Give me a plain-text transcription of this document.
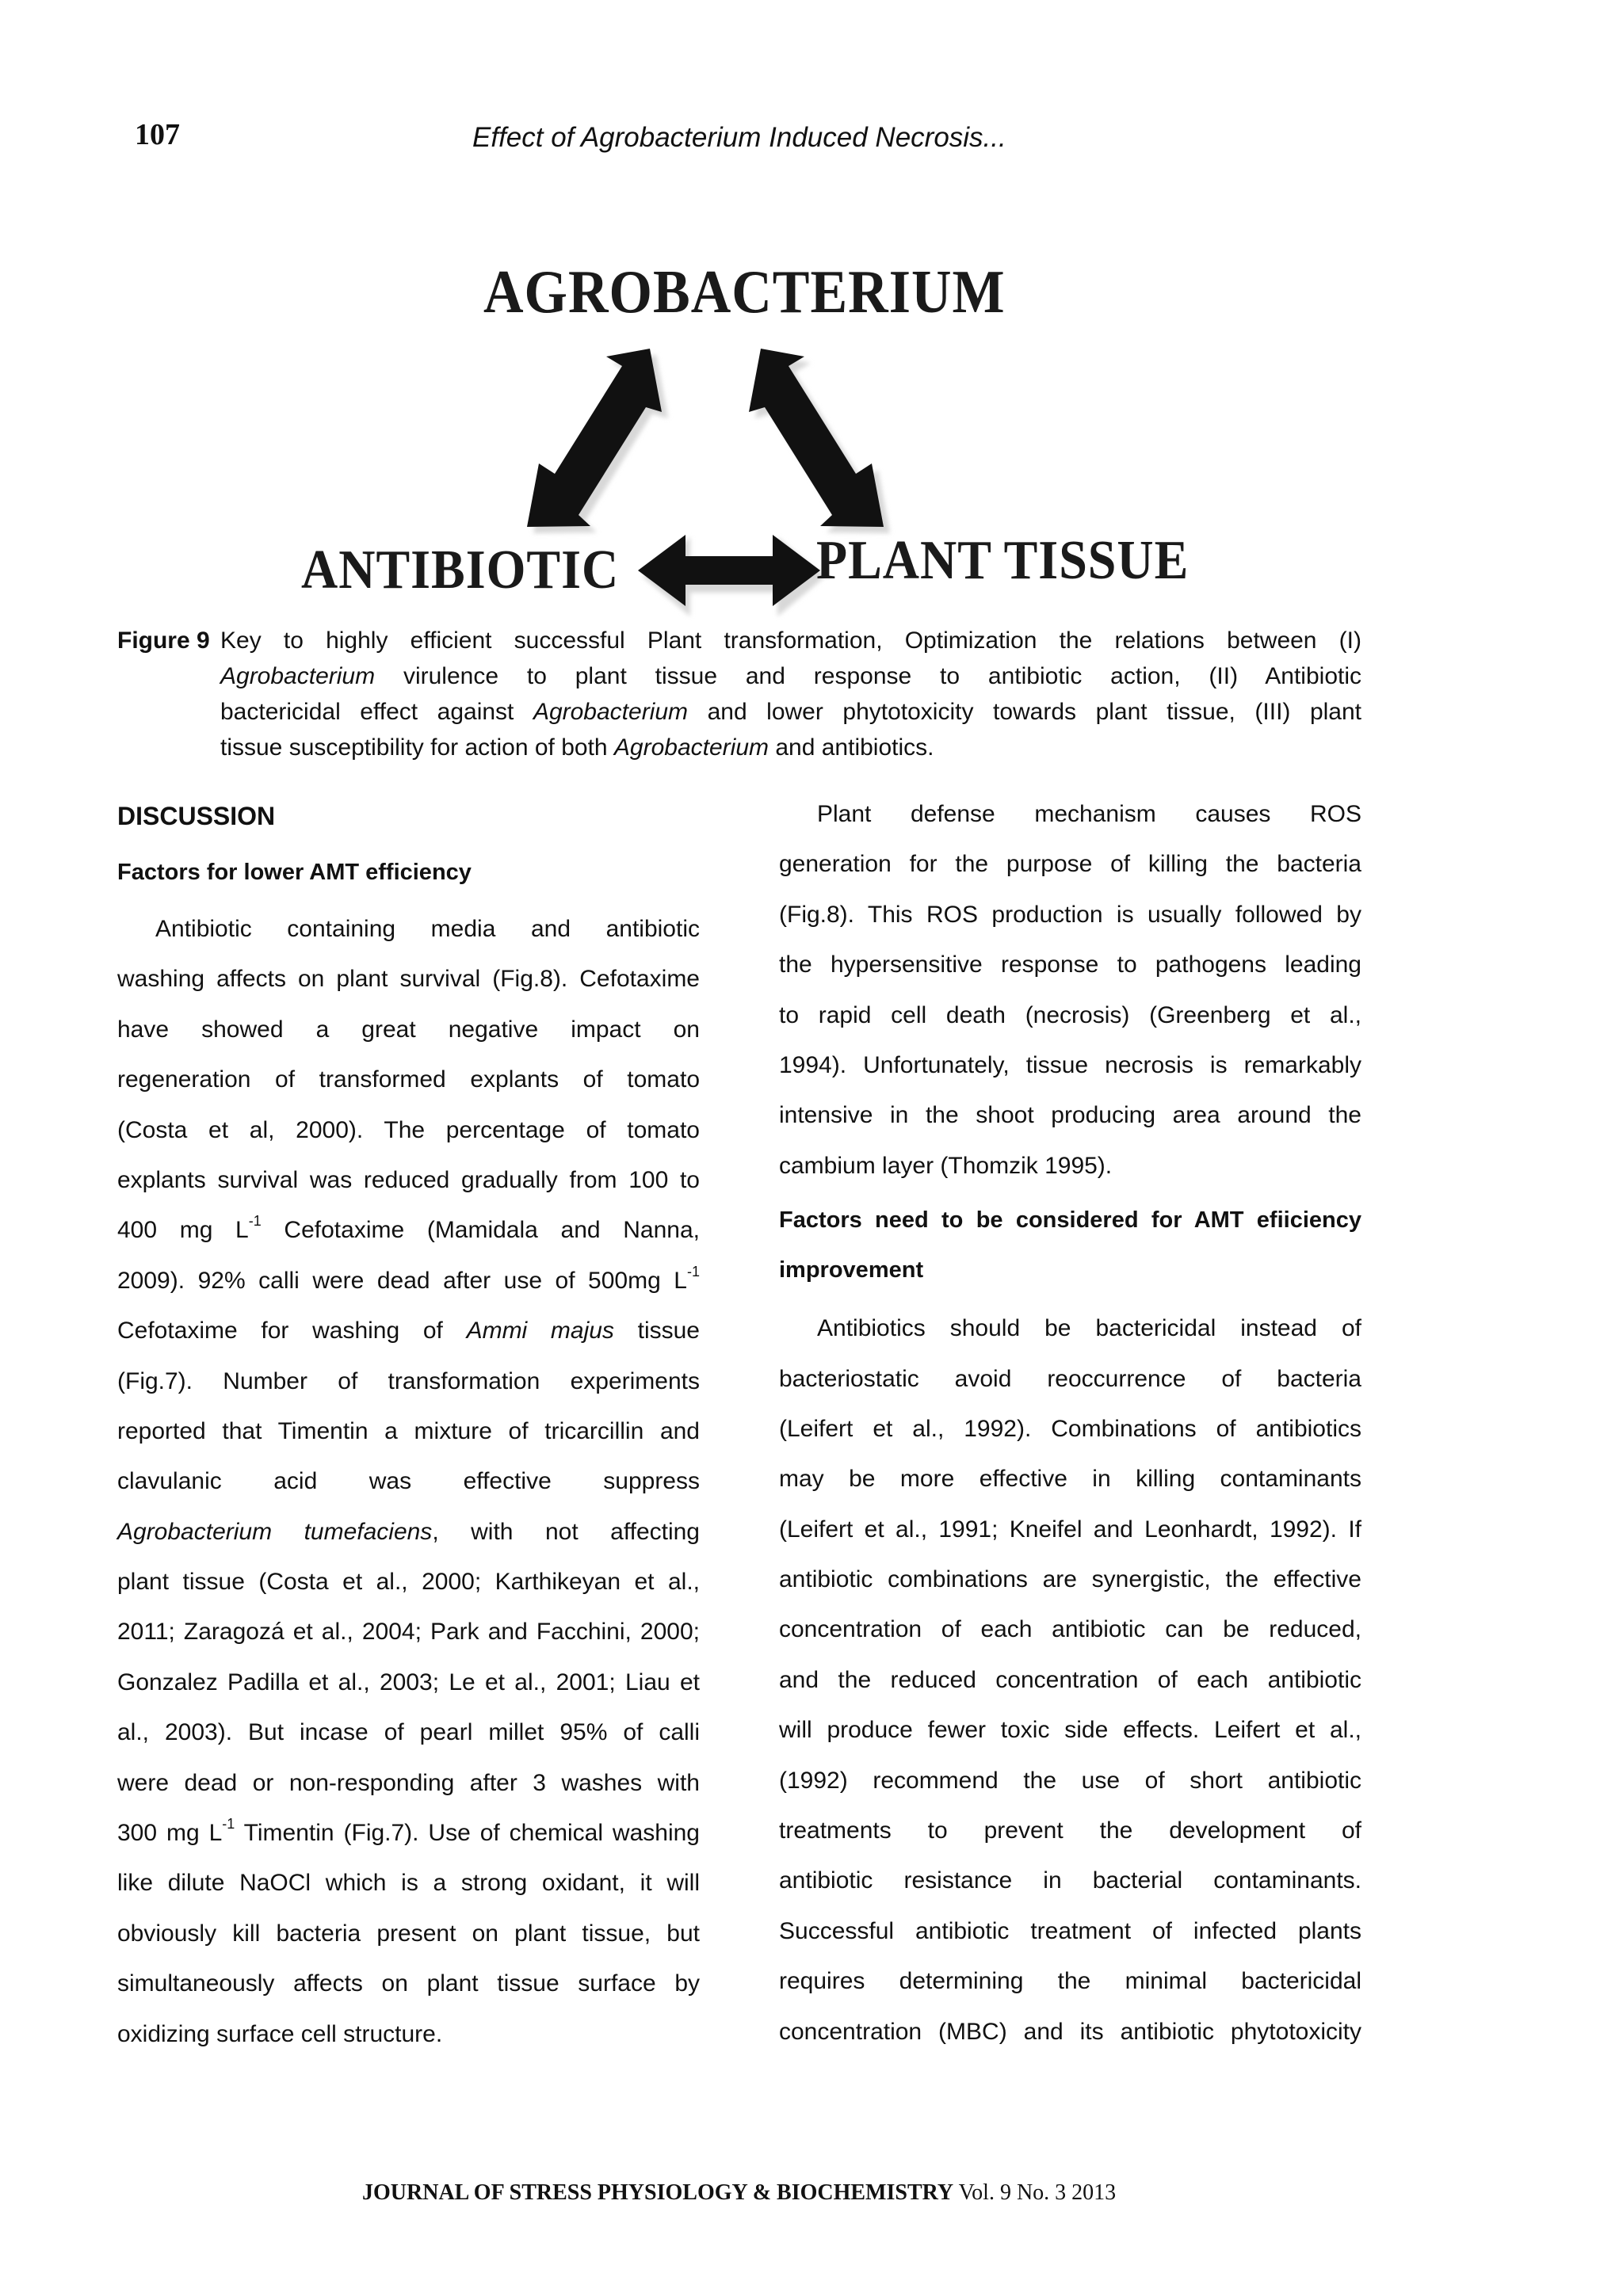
107	Effect of Agrobacterium Induced Necrosis...
AGROBACTERIUM
ANTIBIOTIC	PLANT TISSUE
Figure 9 Key to highly efficient successful Plant transformation, Optimization the relations between (I)
Agrobacterium virulence to plant tissue and response to antibiotic action, (II) Antibiotic
bactericidal effect against Agrobacterium and lower phytotoxicity towards plant tissue, (III) plant
tissue susceptibility for action of both Agrobacterium and antibiotics.
DISCUSSION
Factors for lower AMT efficiency
Antibiotic containing media and antibiotic
washing affects on plant survival (Fig.8). Cefotaxime
have showed a great negative impact on
regeneration of transformed explants of tomato
(Costa et al, 2000). The percentage of tomato
explants survival was reduced gradually from 100 to
400 mg $L^{-1}$ Cefotaxime (Mamidala and Nanna,
2009). 92% calli were dead after use of 500mg $L^{-1}$
Cefotaxime for washing of Ammi majus tissue
(Fig.7). Number of transformation experiments
reported that Timentin a mixture of tricarcillin and
clavulanic acid was effective suppress
Agrobacterium tumefaciens, with not affecting
plant tissue (Costa et al., 2000; Karthikeyan et al.,
2011; Zaragozá et al., 2004; Park and Facchini, 2000;
Gonzalez Padilla et al., 2003; Le et al., 2001; Liau et
al., 2003). But incase of pearl millet 95% of calli
were dead or non-responding after 3 washes with
300 mg $L^{-1}$ Timentin (Fig.7). Use of chemical washing
like dilute NaOCl which is a strong oxidant, it will
obviously kill bacteria present on plant tissue, but
simultaneously affects on plant tissue surface by
oxidizing surface cell structure.
Plant defense mechanism causes ROS
generation for the purpose of killing the bacteria
(Fig.8). This ROS production is usually followed by
the hypersensitive response to pathogens leading
to rapid cell death (necrosis) (Greenberg et al.,
1994). Unfortunately, tissue necrosis is remarkably
intensive in the shoot producing area around the
cambium layer (Thomzik 1995).
Factors need to be considered for AMT efiiciency
improvement
Antibiotics should be bactericidal instead of
bacteriostatic avoid reoccurrence of bacteria
(Leifert et al., 1992). Combinations of antibiotics
may be more effective in killing contaminants
(Leifert et al., 1991; Kneifel and Leonhardt, 1992). If
antibiotic combinations are synergistic, the effective
concentration of each antibiotic can be reduced,
and the reduced concentration of each antibiotic
will produce fewer toxic side effects. Leifert et al.,
(1992) recommend the use of short antibiotic
treatments to prevent the development of
antibiotic resistance in bacterial contaminants.
Successful antibiotic treatment of infected plants
requires determining the minimal bactericidal
concentration (MBC) and its antibiotic phytotoxicity
JOURNAL OF STRESS PHYSIOLOGY & BIOCHEMISTRY Vol. 9 No. 3 2013
